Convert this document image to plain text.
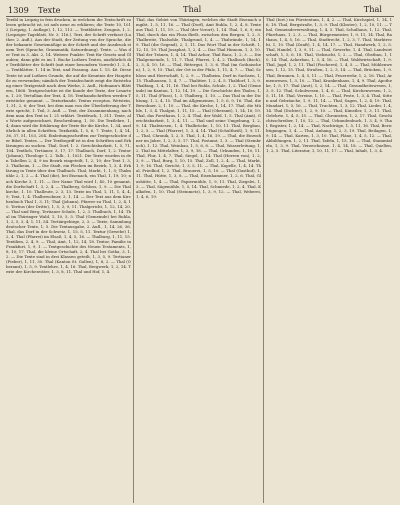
1309 Texte	Thal	Thal

Textbl in Leipzig in fein drucken, in welchem die Textschrift zu lesen gebracht ist, ist aufs neue zu erklären; die Texte 10, 1012 (Leipzig, 1. Auflage), 1, 12, 113. — Textblätter, Zeugnis, 1, 2. (Leipziger Tageblatt, Nr. 3. 116.). Text, der Schrift verfasst (Luther, 2. Aufl.). Aus der Stadt, der Zeitung von der Sprache, die der bekannte Gesetzmäßige in der Schrift und der Ausdruck einem Tert (Sprache, Grammatik, Satzordnung). Texte. — Was der Text in 3. Akt. 2, 14. Weitere Punkte: Text für Gesetz und Glauben; dann gibt es im 1. Buche Luthers Textes, ausführlich die Textblätter der Schrift (mit einer besondern Vorrede) 1, 2, 4. — Textblätter, 1. 14 in Text, und Fassung. Aus 1. 15. 46. Diese Texte ist auf Luthers Grunde, die auf die Kenntnis der Hauptteile zu verwenden; nämlich der Textabschnitt zeigt die Entstehung einer Textgestalt nach dem Werke, 2. Aufl., Hofmann's Blättern, 1868. Textgeschichte ist die Kunde der Texte, der Lesarten, 1, 20; Tertullian der Text, 4, 18. Texthandschriften werden Textstücke genannt. — Texturkunde, Textus receptus, Wetstein, 1, 31, 2, 6; der Text, bei dem man von der Überlieferung der Texte spricht, 1. Teil, 3. Aufl. — Text, der Zusammenhang, nach dem man den Text in 1. 21 erklärt. Textdruck, 1, 311. Texte, als Worte aufgezeichnet, Beschreibung, 1, 50. Die Textlehre, 1, 4; dann wird die Erklärung der Texte für die Kirche, 1, 34, ausführlich in allen Schriften. Textkritik, 1, 5, 6, 7. Texte, 1, 4, 14, 36, 37, 51, 103, 204. Einleitungsschriften zur Textgeschichte der Bibel. Textes. — Der Textbegriff ist in den Schriften und Erklärungen zu suchen. Thal, Dorf, 1. 2. Gerichtsbarkeit, 1, 5, 71, 104. Textlich, Tertianer, 3, 17, 17. Thalbach, Dorf, 1, 2. Textor (Johann), Theologe 1, 2. Talb., 1, 1021. Die Texte wurden in den Tabellen 2, 4, 9 im Bezirk eingeteilt, 1, 2, 10; der Text 1, 3, 3. Thalheim, 1. — Die Stadt, ein Flecken im Bezirk, 1, 3, 4. Erklärung in Texte über den Thalbach. Thal, Markt, 1, 1, 5; Thalmühle 2, 1, 2 — 4. Thal (die), bei Eisenach, ein Thal, 1, 19, 10; nach Kirche 3, 1, 11. — Der Name Thal wird 1, 40, 10 genannt, die Dorfschaft 1, 3, 2, 4. — Thalberg, Schloss, 1, 9. — Die Thalkirche, 1. 10. Thalleute, 2. 3, 13. Texte im Thal, 1, 11, 1, 4, 4, 9; Text, 1, 4. Thalbewohner, 3, 1, 14. — Der Text aus dem Kirchenbuch Thal 1, 3, 11; Thal (Johann), Pfarrer zu Thal, 1, 2, 4, 10. Tertius (der Dritte), 1, 5, 3, 9, 11. Thalgericht, 1, 12, 14, 20. — Thal und Berg, Tertianer Schule, 1, 2, 3. Thalbuch, 1, 14. Thal im Thüringer Wald, 1, 10, 5, 5. Thal (Gemeinde) bei Ruhla, 1, 2, 5, 3, 4, 1, 11, 54. Tertiärgebirge, 2, 3. — Texte, Sammlung deutscher Texte, 1, 5. Die Textausgabe, 2. Aufl., 1, 14, 26, 36. Thal, das Dorf in der Schweiz, 1, 15, 5, 11. Textur (Gewebe) 1, 2, 4. Thal (Pfarrei) im Elsaß, 1, 4, 5, 16. — Thalburg, 1, 11, 15. Textilien, 2, 4, 9. — Thal, Amt, 1, 12, 14, 18. Textor, Familie in Frankfurt, 1, 9, 1. — Textgeschichte des Neuen Testaments, 1, 8, 10, 17. Thal, die kleine Ortschaft, 2, 4. Thal bei Gotha, 3, 1, 2. — Die Texte sind in drei Klassen geteilt, 1, 3, 5, 9. Tertianer (Fieber), 1, 11, 30. Thal (Kanton St. Gallen), 1, 8, 2. — Thal (Oberamt), 1, 5, 9. Textlehre, 1, 4, 16. Thal, Bergwerk, 1, 2, 14. Texte der Kirchenväter, 1, 3, 8, 11. Thal und Hof, 1, 4.

Thal, das Gebiet von Thüringen, welches die Stadt Eisenach umgibt, 1, 5, 11, 16. — Thal (Dorf), Amt Ruhla, 1, 2, 4, 8. Texte aus Thal, 1, 11, 19. — Thal (der Vorort), 1, 14. Thal, 1, 6, 9; ein Thal, durch das ein Fluss fließt, zwischen den Bergen, 1, 2, 3. Thalbreite, Thalsohle, Thalgrund, 1, 4. — Thalwände, 1, 14, 19. Thal (die Gegend), 2, 1, 11. Das Wort Thal in der Schrift, 1, 12, 15, 19. Thal Josaphat, 1, 2, 4. — Das Thal Hinnom, 1, 3, 10. Thal der Tränen, 1, 4, 14. Thal Achor, Thal Baca, 1, 2, 3. — Die Thalgemeinde, 1, 11, 7. Thal, Pfarrei, 1, 4, 2. Thalbach (Bach), 2, 3, 4, 10, 16. — Thal, Rittergut, 1, 3, 6. Thal (im Gothaischen), 1, 2, 9, 15. Thal, der Ort in der Pfalz, 1, 11, 4, 7. — Thal, Schloss und Herrschaft, 1, 2, 9. — Thalheim, Dorf in Sachsen, 1, 15. Thalhausen, 1, 4, 7. — Thalitter, 1, 2, 4, 5. Thaldorf, 1, 3, 9. Thalfang, 1, 4, 11, 16. Thal bei Ruhla, Schule, 1, 2. Thal (Gemeinde) im Kanton, 1, 12, 14, 19. — Die Geschichte des Thales, 1, 5, 11. Thal (Fluss), 1, 3. Thalberg, 1, 10. — Das Thal in der Dichtung, 1, 2, 4, 15. Thal im Allgemeinen, 1, 5, 6, 9, 16. Thal, die Bewohner, 2, 1, 10. — Thal, die Kirche, 1, 14, 17. Thal, die Mühle, 1, 3, 4. Thalgut, 1, 11, 15. — Thal (Oberamt), 1, 14, 16, 19. Thal, das Forsthaus, 1, 2, 4. Thal, der Wald, 1, 5. Thal (Amt), Gerichtsbarkeit, 1, 3, 4, 11. — Thal und seine Umgebung, 1, 2, 9, 14. Thalwiesen, 1, 4. Thalbrücke, 1, 10, 11. Thal, Bergbau, 1, 2, 5. — Thal (Pfarrer), 1, 3, 4, 14. Thal (Schultheiß), 1, 9, 11. — Thal, Chronik, 1, 2, 5. Thal, 1, 4, 16, 19. — Thal, die Einwohner im Jahre, 1, 2, 3, 5, 17. Thal, Postamt, 1, 3. — Thal (Steinbruch), 1, 12. Thal, Weinbau, 1, 5, 6, 8. — Thal, Wasserleitung, 1, 2. Thal im Mittelalter, 1, 3, 9, 18. — Thal, Urkunden, 1, 10, 11. Thal, Flur, 1, 4, 7. Thal, Siegel, 1, 14. Thal (Herren von), 1, 2, 3, 9. — Thal, Burg, 1, 10, 15. Thal, Zoll, 1, 2, 4. — Thal, Markt, 1, 9, 16. Thal, Gericht, 1, 3, 5, 11. — Thal, Kapelle, 1, 4, 14. Thal, Friedhof, 1, 2. Thal, Brauerei, 1, 5, 10. — Thal (Gasthof), 1, 11. Thal, Hütte, 1, 3, 8. — Thal, Eisenhammer, 1, 2, 6. Thal, Glashütte, 1, 4. — Thal, Papiermühle, 1, 9, 11. Thal, Ziegelei, 1, 3. — Thal, Sägemühle, 1, 5, 14. Thal, Schmiede, 1, 2, 4. Thal, Kalkofen, 1, 10. Thal (Steinmetz), 1, 3, 9, 12. — Thal, Weberei, 1, 4, 6, 19.

Thal (fort.) im Fürstentum, 1, 4, 2. — Thal, Kirchspiel, 1, 14, 16, 18. Thal, Bergstraße, 1, 3, 9. Thal (Kloster), 1, 2, 10, 11. — Thal, Gemeindeverwaltung, 1, 4, 5. Thal, Schulhaus, 1, 12. Thal, Pfarrhaus, 1, 2, 3. — Thal, Bürgermeister, 1, 9, 11, 14. Thal, Rathaus, 1, 4, 5, 16. — Thal, Stadtrecht, 1, 2, 3, 7. Thal, Marktrecht, 1, 10. Thal (Zunft), 1, 4, 14, 17. — Thal, Handwerk, 1, 2, 5. Thal, Handel, 1, 3, 9, 11. — Thal, Gewerbe, 1, 4. Thal, Landwirtschaft, 1, 5, 6, 18. Thal, Viehzucht, 1, 2. — Thal, Obstbau, 1, 10, 14. Thal, Ackerbau, 1, 3, 4, 16. — Thal, Waldwirtschaft, 1, 9. Thal, Jagd, 1, 2, 11. Thal (Fischerei), 1, 4, 5. — Thal, Mühlenwesen, 1, 12, 15. Thal, Straßen, 1, 2, 3, 14. — Thal, Brücken, 1, 9. Thal, Brunnen, 1, 4, 5, 11. — Thal, Feuerwehr, 1, 2, 16. Thal, Armenwesen, 1, 3, 10. — Thal, Krankenhaus, 1, 4, 9. Thal, Apotheke, 1, 5, 17. Thal (Arzt), 1, 2, 14. — Thal, Gesundheitswesen, 1, 3, 9, 12. Thal, Schulwesen, 1, 4, 6. — Thal, Kirchenwesen, 1, 2, 5, 11, 18. Thal, Vereine, 1, 10. — Thal, Feste, 1, 3, 4. Thal, Sitten und Gebräuche, 1, 9, 11, 14. — Thal, Sagen, 1, 2, 4, 19. Thal, Mundart, 1, 5, 16. — Thal, Trachten, 1, 3, 12. Thal, Lieder, 1, 4, 14. Thal (Dichter), 1, 2, 9, 10. — Thal, Künstler, 1, 3, 11. Thal, Gelehrte, 1, 4, 5, 15. — Thal, Chronisten, 1, 2, 17. Thal, Geschichtsschreiber, 1, 10, 12. — Thal, Urkundenbuch, 1, 3, 4, 9. Thal, Register, 1, 2, 14. — Thal, Nachträge, 1, 5, 11, 16. Thal, Berichtigungen, 1, 4. — Thal, Anhang, 1, 2, 3, 19. Thal, Beilagen, 1, 9, 14. — Thal, Karten, 1, 3, 10. Thal, Pläne, 1, 4, 5, 12. — Thal, Abbildungen, 1, 2, 11. Thal, Tafeln, 1, 15, 16. — Thal, Stammtafeln, 1, 3, 9. Thal, Verzeichnisse, 1, 4, 14, 18. — Thal, Quellen, 1, 2, 5. Thal, Literatur, 1, 10, 11, 17. — Thal, Inhalt, 1, 3, 4.
